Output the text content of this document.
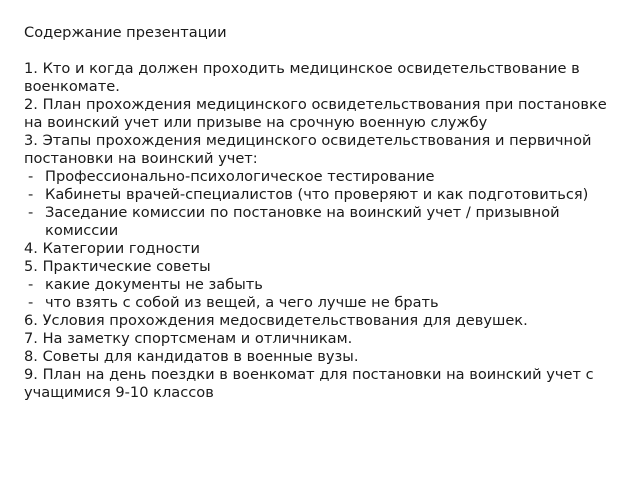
Содержание презентации

1. Кто и когда должен проходить медицинское освидетельствование в военкомате.

2. План прохождения медицинского освидетельствования при постановке на воинский учет или призыве на срочную военную службу

3. Этапы прохождения медицинского освидетельствования и первичной постановки на воинский учет:

- Профессионально-психологическое тестирование

- Кабинеты врачей-специалистов (что проверяют и как подготовиться)

- Заседание комиссии по постановке на воинский учет / призывной комиссии

4. Категории годности

5. Практические советы

- какие документы не забыть

- что взять с собой из вещей, а чего лучше не брать

6. Условия прохождения медосвидетельствования для девушек.

7. На заметку спортсменам и отличникам.

8. Советы для кандидатов в военные вузы.

9. План на день поездки в военкомат для постановки на воинский учет с учащимися 9-10 классов
